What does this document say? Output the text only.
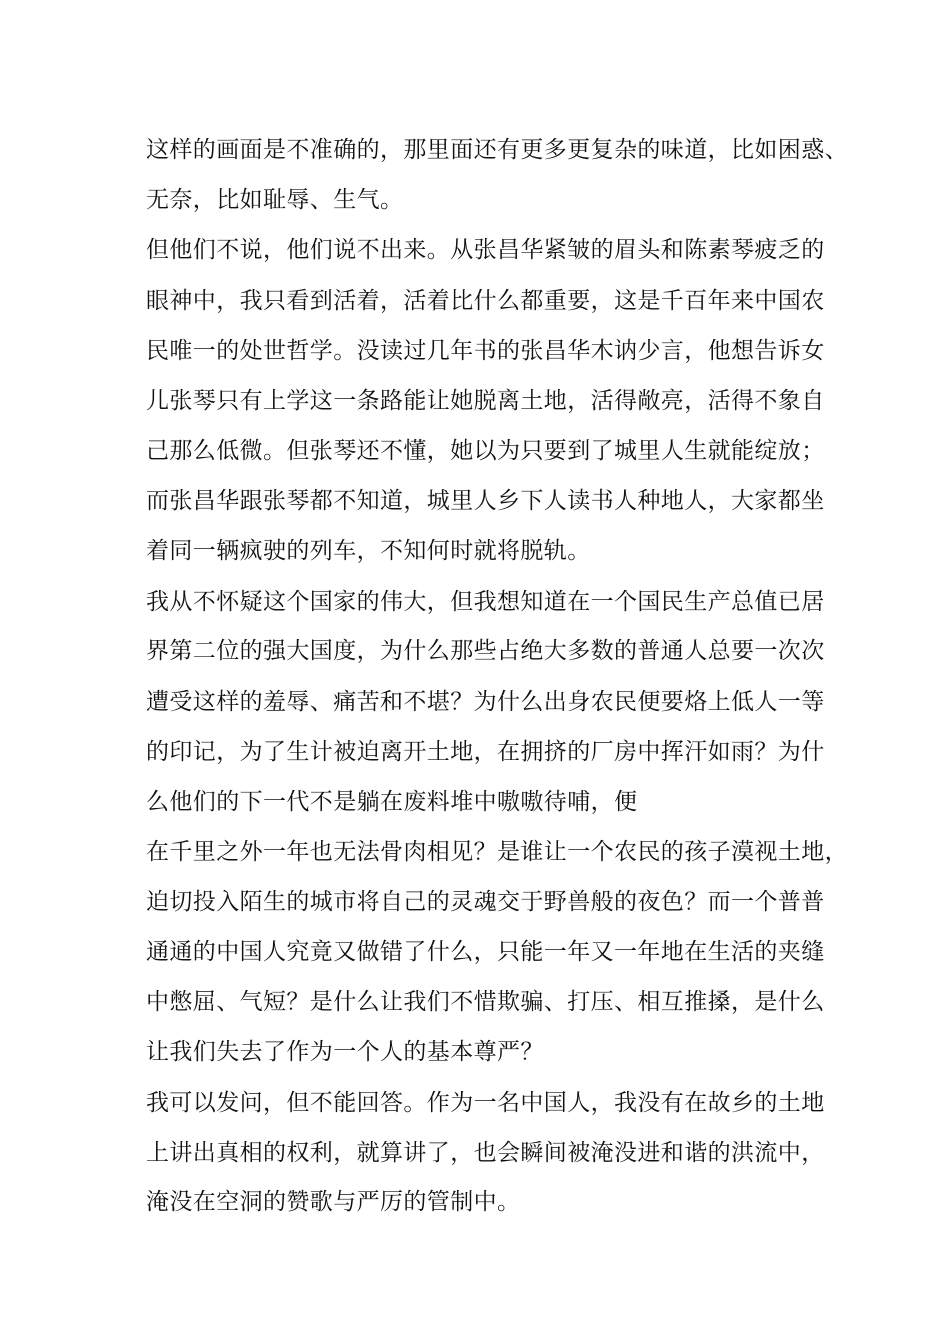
这样的画面是不准确的，那里面还有更多更复杂的味道，比如困惑、

无奈，比如耻辱、生气。

但他们不说，他们说不出来。从张昌华紧皱的眉头和陈素琴疲乏的

眼神中，我只看到活着，活着比什么都重要，这是千百年来中国农

民唯一的处世哲学。没读过几年书的张昌华木讷少言，他想告诉女

儿张琴只有上学这一条路能让她脱离土地，活得敞亮，活得不象自

己那么低微。但张琴还不懂，她以为只要到了城里人生就能绽放；

而张昌华跟张琴都不知道，城里人乡下人读书人种地人，大家都坐

着同一辆疯驶的列车，不知何时就将脱轨。

我从不怀疑这个国家的伟大，但我想知道在一个国民生产总值已居

界第二位的强大国度，为什么那些占绝大多数的普通人总要一次次

遭受这样的羞辱、痛苦和不堪？为什么出身农民便要烙上低人一等

的印记，为了生计被迫离开土地，在拥挤的厂房中挥汗如雨？为什

么他们的下一代不是躺在废料堆中嗷嗷待哺，便

在千里之外一年也无法骨肉相见？是谁让一个农民的孩子漠视土地，

迫切投入陌生的城市将自己的灵魂交于野兽般的夜色？而一个普普

通通的中国人究竟又做错了什么，只能一年又一年地在生活的夹缝

中憋屈、气短？是什么让我们不惜欺骗、打压、相互推搡，是什么

让我们失去了作为一个人的基本尊严？

我可以发问，但不能回答。作为一名中国人，我没有在故乡的土地

上讲出真相的权利，就算讲了，也会瞬间被淹没进和谐的洪流中，

淹没在空洞的赞歌与严厉的管制中。
